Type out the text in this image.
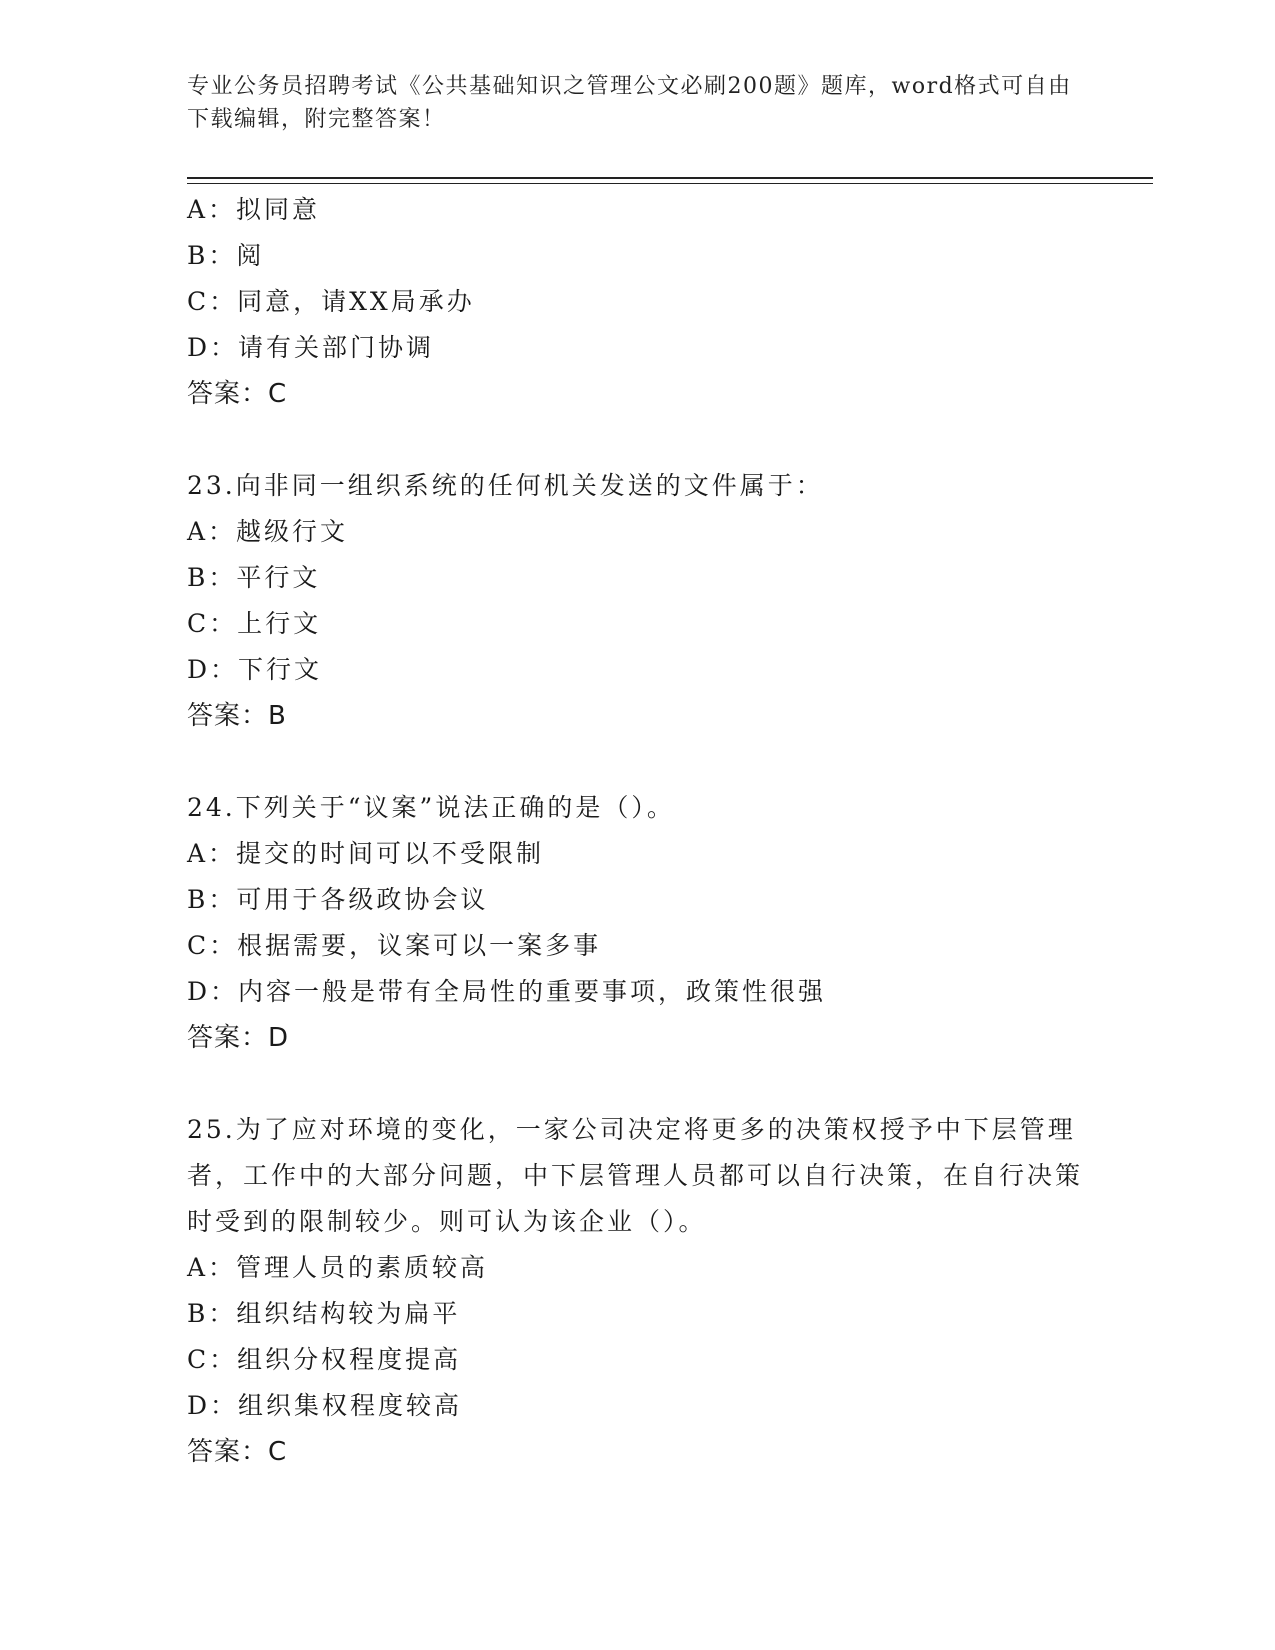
专业公务员招聘考试《公共基础知识之管理公文必刷200题》题库，word格式可自由下载编辑，附完整答案！
A：拟同意
B：阅
C：同意，请XX局承办
D：请有关部门协调
答案：C
23.向非同一组织系统的任何机关发送的文件属于：
A：越级行文
B：平行文
C：上行文
D：下行文
答案：B
24.下列关于“议案”说法正确的是（）。
A：提交的时间可以不受限制
B：可用于各级政协会议
C：根据需要，议案可以一案多事
D：内容一般是带有全局性的重要事项，政策性很强
答案：D
25.为了应对环境的变化，一家公司决定将更多的决策权授予中下层管理者，工作中的大部分问题，中下层管理人员都可以自行决策，在自行决策时受到的限制较少。则可认为该企业（）。
A：管理人员的素质较高
B：组织结构较为扁平
C：组织分权程度提高
D：组织集权程度较高
答案：C
